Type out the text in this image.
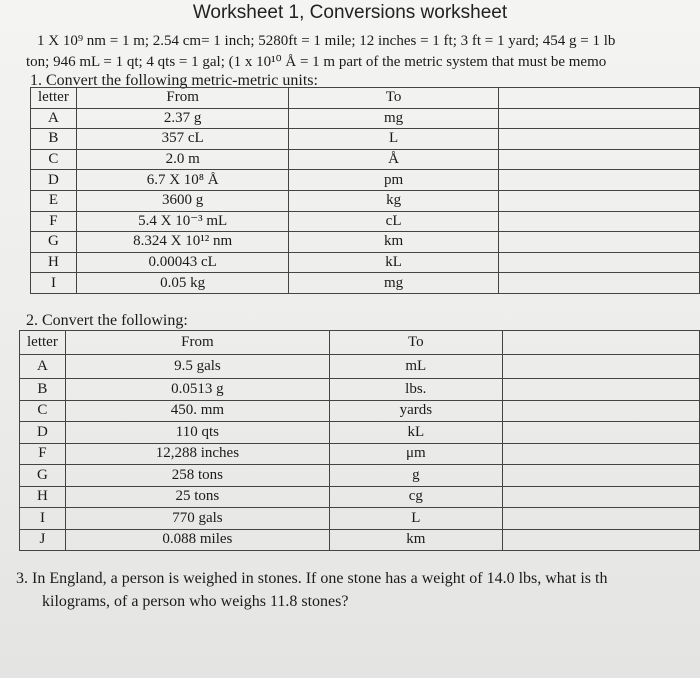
Worksheet 1, Conversions worksheet
1 X 10⁹ nm = 1 m; 2.54 cm= 1 inch; 5280ft = 1 mile; 12 inches = 1 ft; 3 ft = 1 yard; 454 g = 1 lb
ton; 946 mL = 1 qt; 4 qts = 1 gal; (1 x 10¹⁰ Å = 1 m part of the metric system that must be memo
1. Convert the following metric-metric units:
letter	From	To	
A	2.37 g	mg	
B	357 cL	L	
C	2.0 m	Å	
D	6.7 X 10⁸ Å	pm	
E	3600 g	kg	
F	5.4 X 10⁻³ mL	cL	
G	8.324 X 10¹² nm	km	
H	0.00043 cL	kL	
I	0.05 kg	mg	
2. Convert the following:
letter	From	To	
A	9.5 gals	mL	
B	0.0513 g	lbs.	
C	450. mm	yards	
D	110 qts	kL	
F	12,288 inches	μm	
G	258 tons	g	
H	25 tons	cg	
I	770 gals	L	
J	0.088 miles	km	
3. In England, a person is weighed in stones. If one stone has a weight of 14.0 lbs, what is th
kilograms, of a person who weighs 11.8 stones?
